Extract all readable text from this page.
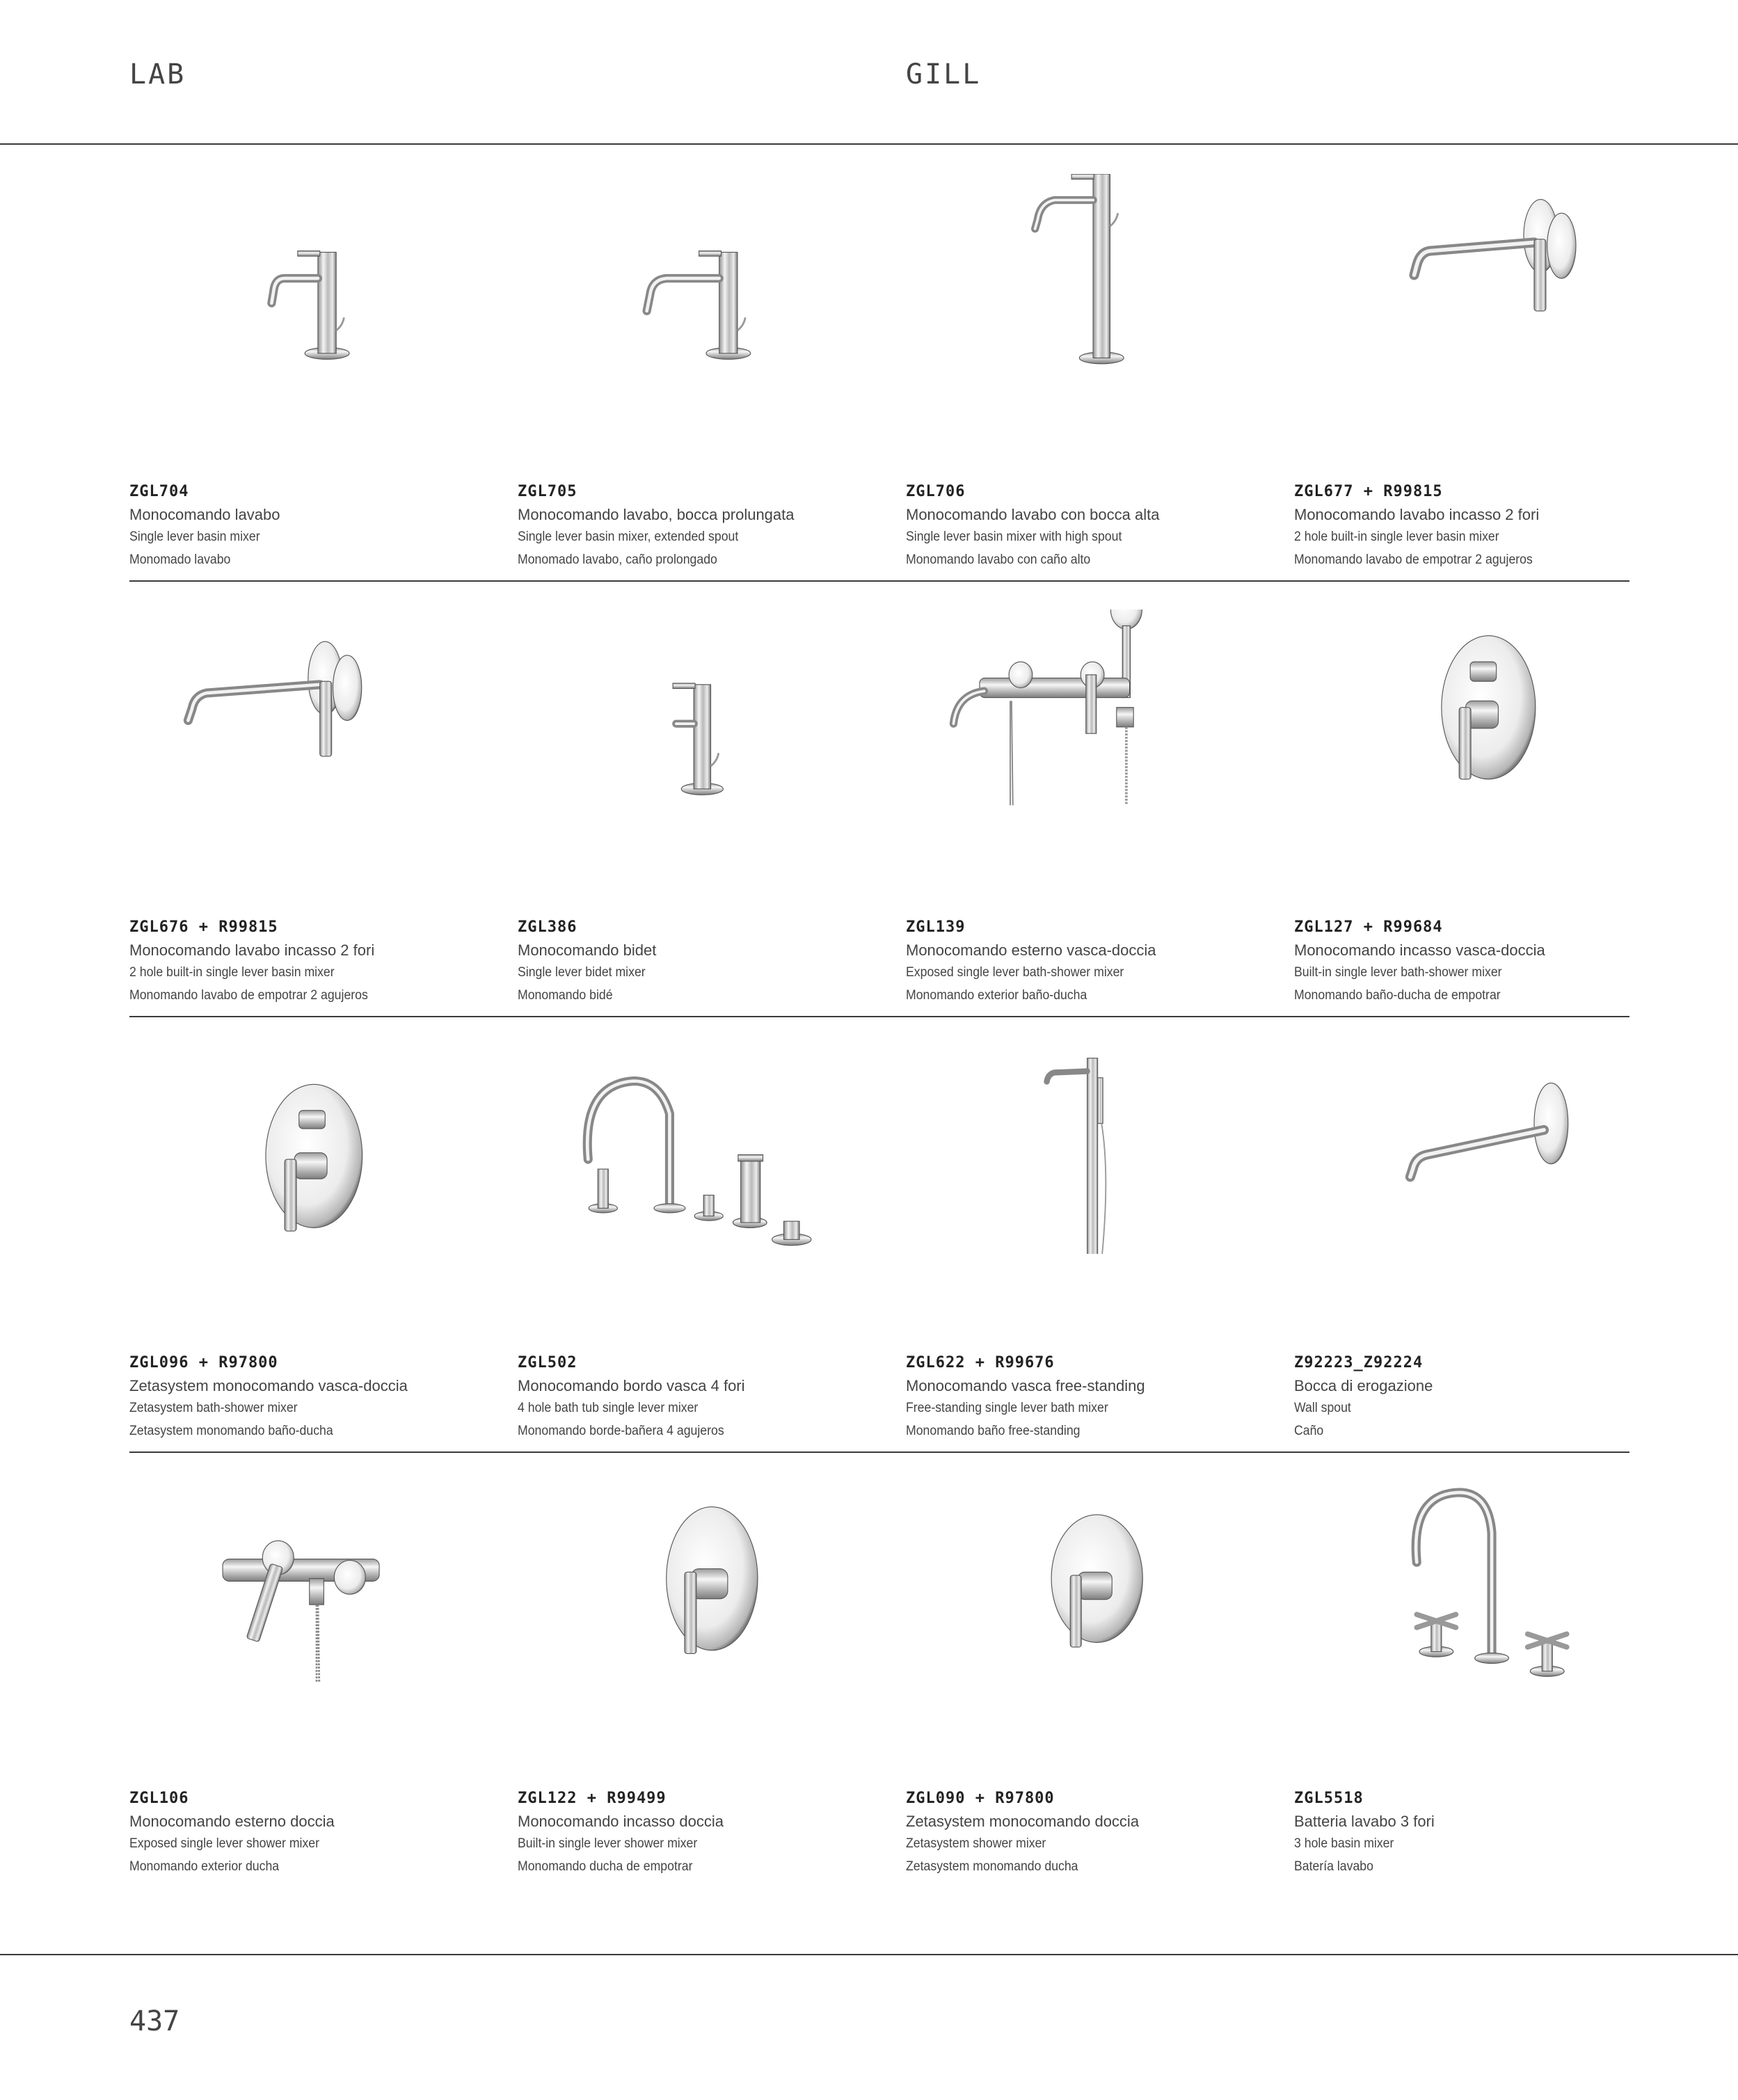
LAB	GILL
ZGL704
Monocomando lavabo
Single lever basin mixer
Monomado lavabo
ZGL705
Monocomando lavabo, bocca prolungata
Single lever basin mixer, extended spout
Monomado lavabo, caño prolongado
ZGL706
Monocomando lavabo con bocca alta
Single lever basin mixer with high spout
Monomando lavabo con caño alto
ZGL677 + R99815
Monocomando lavabo incasso 2 fori
2 hole built-in single lever basin mixer
Monomando lavabo de empotrar 2 agujeros
ZGL676 + R99815
Monocomando lavabo incasso 2 fori
2 hole built-in single lever basin mixer
Monomando lavabo de empotrar 2 agujeros
ZGL386
Monocomando bidet
Single lever bidet mixer
Monomando bidé
ZGL139
Monocomando esterno vasca-doccia
Exposed single lever bath-shower mixer
Monomando exterior baño-ducha
ZGL127 + R99684
Monocomando incasso vasca-doccia
Built-in single lever bath-shower mixer
Monomando baño-ducha de empotrar
ZGL096 + R97800
Zetasystem monocomando vasca-doccia
Zetasystem bath-shower mixer
Zetasystem monomando baño-ducha
ZGL502
Monocomando bordo vasca 4 fori
4 hole bath tub single lever mixer
Monomando borde-bañera 4 agujeros
ZGL622 + R99676
Monocomando vasca free-standing
Free-standing single lever bath mixer
Monomando baño free-standing
Z92223_Z92224
Bocca di erogazione
Wall spout
Caño
ZGL106
Monocomando esterno doccia
Exposed single lever shower mixer
Monomando exterior ducha
ZGL122 + R99499
Monocomando incasso doccia
Built-in single lever shower mixer
Monomando ducha de empotrar
ZGL090 + R97800
Zetasystem monocomando doccia
Zetasystem shower mixer
Zetasystem monomando ducha
ZGL5518
Batteria lavabo 3 fori
3 hole basin mixer
Batería lavabo
437
